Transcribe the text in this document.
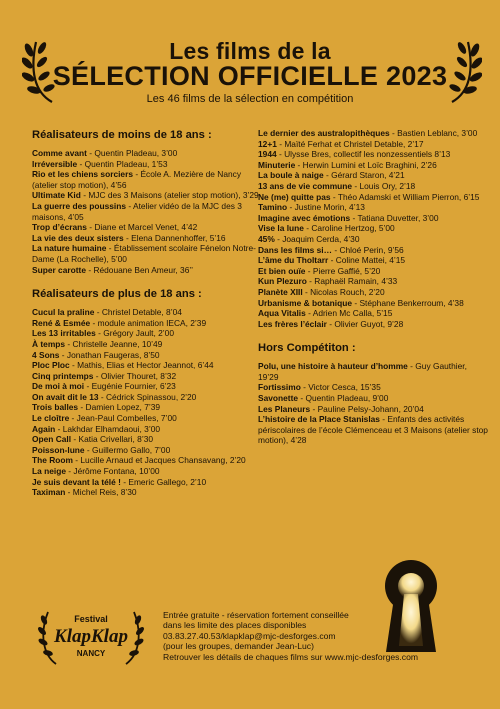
Les films de la
SÉLECTION OFFICIELLE 2023
Les 46 films de la sélection en compétition
Réalisateurs de moins de 18 ans :
Comme avant - Quentin Pladeau, 3’00
Irréversible - Quentin Pladeau, 1’53
Rio et les chiens sorciers - École A. Mezière de Nancy (atelier stop motion), 4’56
Ultimate Kid - MJC des 3 Maisons (atelier stop motion), 3’29
La guerre des poussins - Atelier vidéo de la MJC des 3 maisons, 4’05
Trop d’écrans - Diane et Marcel Venet, 4’42
La vie des deux sisters - Elena Dannenhoffer, 5’16
La nature humaine - Établissement scolaire Fénelon Notre-Dame (La Rochelle), 5’00
Super carotte - Rédouane Ben Ameur, 36’’
Réalisateurs de plus de 18 ans :
Cucul la praline - Christel Detable, 8’04
René & Esmée - module animation IECA, 2’39
Les 13 irritables - Grégory Jault, 2’00
À temps - Christelle Jeanne, 10’49
4 Sons - Jonathan Faugeras, 8’50
Ploc Ploc - Mathis, Elias et Hector Jeannot, 6’44
Cinq printemps - Olivier Thouret, 8’32
De moi à moi - Eugénie Fournier, 6’23
On avait dit le 13 - Cédrick Spinassou, 2’20
Trois balles - Damien Lopez, 7’39
Le cloître - Jean-Paul Combelles, 7’00
Again - Lakhdar Elhamdaoui, 3’00
Open Call - Katia Crivellari, 8’30
Poisson-lune - Guillermo Gallo, 7’00
The Room - Lucille Arnaud et Jacques Chansavang, 2’20
La neige - Jérôme Fontana, 10’00
Je suis devant la télé ! - Emeric Gallego, 2’10
Taximan - Michel Reis, 8’30
Le dernier des australopithèques - Bastien Leblanc, 3’00
12+1 - Maïté Ferhat et Christel Detable, 2’17
1944 - Ulysse Bres, collectif les nonzessentiels 8’13
Minuterie - Herwin Lumini et Loïc Braghini, 2’26
La boule à naige - Gérard Staron, 4’21
13 ans de vie commune - Louis Ory, 2’18
Ne (me) quitte pas - Théo Adamski et William Pierron, 6’15
Tamino - Justine Morin, 4’13
Imagine avec émotions - Tatiana Duvetter, 3’00
Vise la lune - Caroline Hertzog, 5’00
45% - Joaquim Cerda, 4’30
Dans les films si… - Chloé Perin, 9’56
L’âme du Tholtarr - Coline Mattei, 4’15
Et bien ouïe - Pierre Gaffié, 5’20
Kun Plezuro - Raphaël Ramain, 4’33
Planète XIII - Nicolas Rouch, 2’20
Urbanisme & botanique - Stéphane Benkerroum, 4’38
Aqua Vitalis - Adrien Mc Calla, 5’15
Les frères l’éclair - Olivier Guyot, 9’28
Hors Compétiton :
Polu, une histoire à hauteur d’homme - Guy Gauthier, 19’29
Fortissimo - Victor Cesca, 15’35
Savonette - Quentin Pladeau, 9’00
Les Planeurs - Pauline Pelsy-Johann, 20’04
L’histoire de la Place Stanislas - Enfants des activités périscolaires de l’école Clémenceau et 3 Maisons (atelier stop motion), 4’28
Festival
KlapKlap
NANCY
Entrée gratuite - réservation fortement conseillée
dans les limite des places disponibles
03.83.27.40.53/klapklap@mjc-desforges.com
(pour les groupes, demander Jean-Luc)
Retrouver les détails de chaques films sur www.mjc-desforges.com
